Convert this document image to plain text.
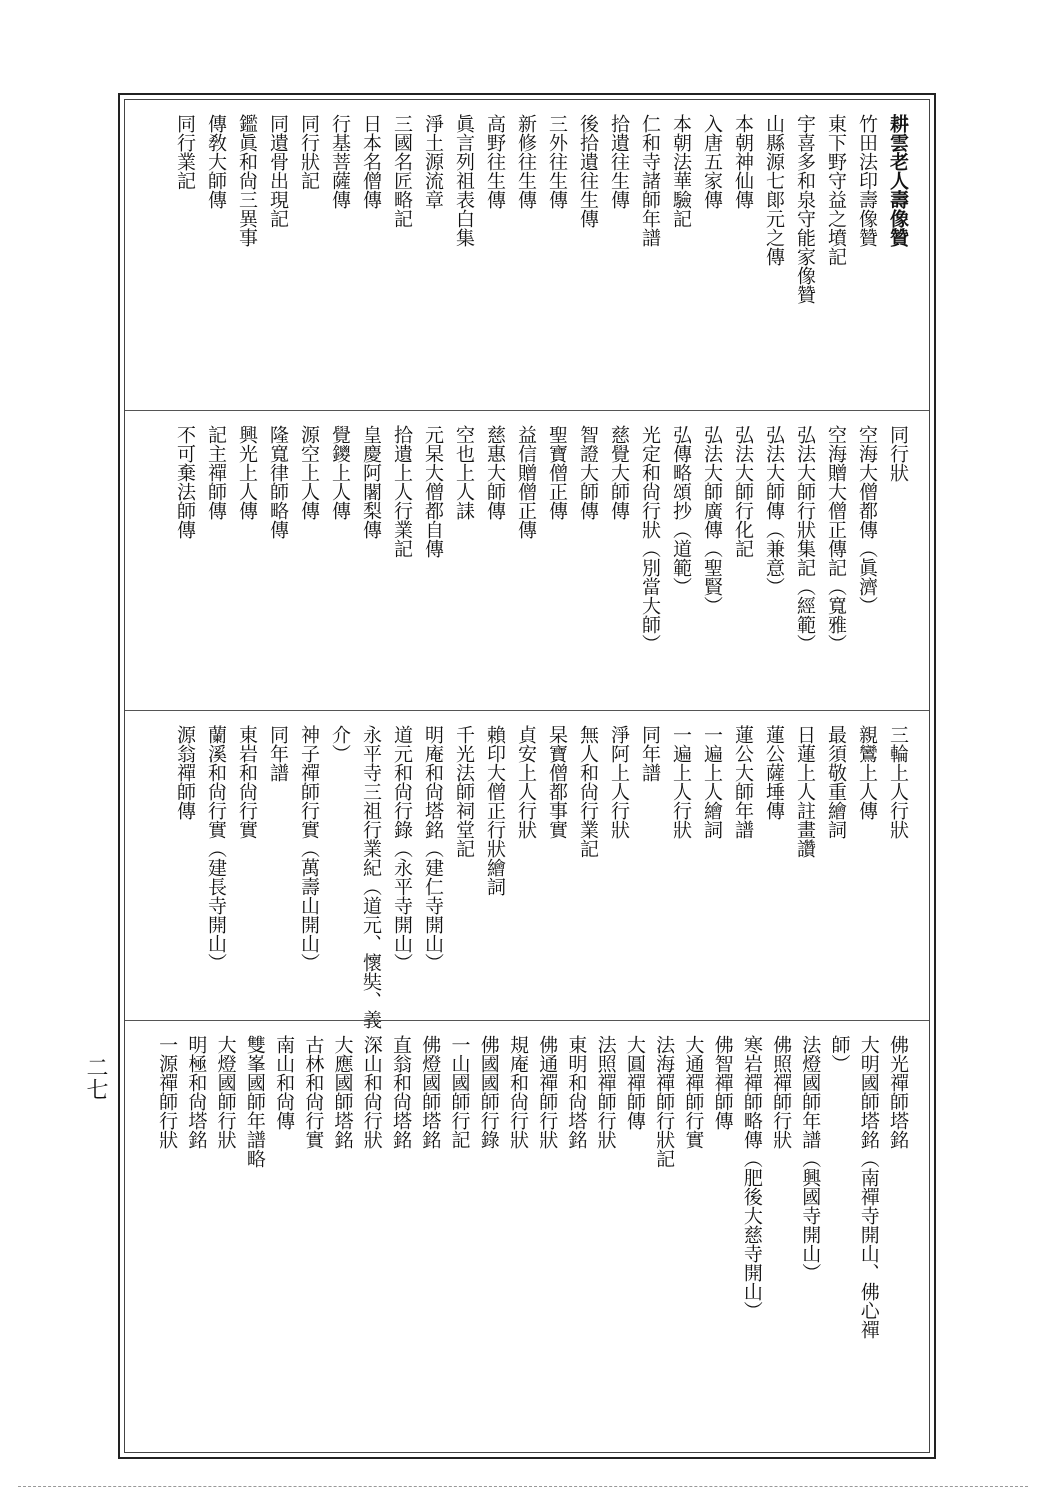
耕雲老人壽像贊
竹田法印壽像贊
東下野守益之墳記
宇喜多和泉守能家像贊
山縣源七郞元之傳
本朝神仙傳
入唐五家傳
本朝法華驗記
仁和寺諸師年譜
拾遺往生傳
後拾遺往生傳
三外往生傳
新修往生傳
高野往生傳
眞言列祖表白集
淨土源流章
三國名匠略記
日本名僧傳
行基菩薩傳
同行狀記
同遺骨出現記
鑑眞和尙三異事
傳敎大師傳
同行業記
同行狀
空海大僧都傳（眞濟）
空海贈大僧正傳記（寬雅）
弘法大師行狀集記（經範）
弘法大師傳（兼意）
弘法大師行化記
弘法大師廣傳（聖賢）
弘傳略頌抄（道範）
光定和尙行狀（別當大師）
慈覺大師傳
智證大師傳
聖寶僧正傳
益信贈僧正傳
慈惠大師傳
空也上人誄
元杲大僧都自傳
拾遺上人行業記
皇慶阿闍梨傳
覺鑁上人傳
源空上人傳
隆寬律師略傳
興光上人傳
記主禪師傳
不可棄法師傳
三輪上人行狀
親鸞上人傳
最須敬重繪詞
日蓮上人註畫讚
蓮公薩埵傳
蓮公大師年譜
一遍上人繪詞
一遍上人行狀
同年譜
淨阿上人行狀
無人和尙行業記
杲寶僧都事實
貞安上人行狀
賴印大僧正行狀繪詞
千光法師祠堂記
明庵和尙塔銘（建仁寺開山）
道元和尙行錄（永平寺開山）
永平寺三祖行業紀（道元、懷奘、義
介）
神子禪師行實（萬壽山開山）
同年譜
東岩和尙行實
蘭溪和尙行實（建長寺開山）
源翁禪師傳
佛光禪師塔銘
大明國師塔銘（南禪寺開山、佛心禪
師）
法燈國師年譜（興國寺開山）
佛照禪師行狀
寒岩禪師略傳（肥後大慈寺開山）
佛智禪師傳
大通禪師行實
法海禪師行狀記
大圓禪師傳
法照禪師行狀
東明和尙塔銘
佛通禪師行狀
規庵和尙行狀
佛國國師行錄
一山國師行記
佛燈國師塔銘
直翁和尙塔銘
深山和尙行狀
大應國師塔銘
古林和尙行實
南山和尙傳
雙峯國師年譜略
大燈國師行狀
明極和尙塔銘
一源禪師行狀
二七
